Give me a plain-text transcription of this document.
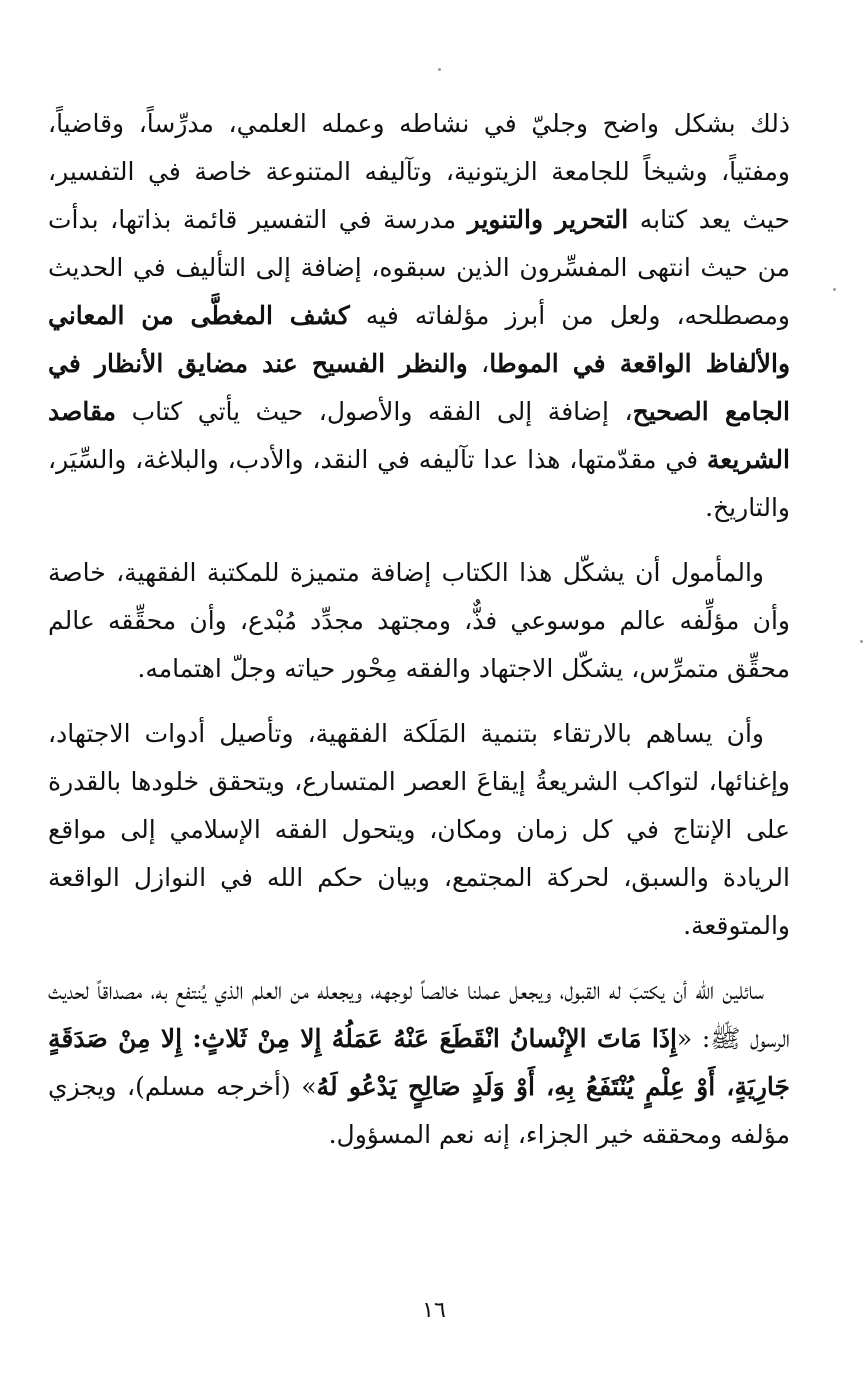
ذلك بشكل واضح وجليّ في نشاطه وعمله العلمي، مدرِّساً، وقاضياً، ومفتياً، وشيخاً للجامعة الزيتونية، وتآليفه المتنوعة خاصة في التفسير، حيث يعد كتابه التحرير والتنوير مدرسة في التفسير قائمة بذاتها، بدأت من حيث انتهى المفسِّرون الذين سبقوه، إضافة إلى التأليف في الحديث ومصطلحه، ولعل من أبرز مؤلفاته فيه كشف المغطَّى من المعاني والألفاظ الواقعة في الموطا، والنظر الفسيح عند مضايق الأنظار في الجامع الصحيح، إضافة إلى الفقه والأصول، حيث يأتي كتاب مقاصد الشريعة في مقدّمتها، هذا عدا تآليفه في النقد، والأدب، والبلاغة، والسِّيَر، والتاريخ.

والمأمول أن يشكّل هذا الكتاب إضافة متميزة للمكتبة الفقهية، خاصة وأن مؤلِّفه عالم موسوعي فذٌّ، ومجتهد مجدِّد مُبْدع، وأن محقِّقه عالم محقِّق متمرِّس، يشكّل الاجتهاد والفقه مِحْور حياته وجلّ اهتمامه.

وأن يساهم بالارتقاء بتنمية المَلَكة الفقهية، وتأصيل أدوات الاجتهاد، وإغنائها، لتواكب الشريعةُ إيقاعَ العصر المتسارع، ويتحقق خلودها بالقدرة على الإنتاج في كل زمان ومكان، ويتحول الفقه الإسلامي إلى مواقع الريادة والسبق، لحركة المجتمع، وبيان حكم الله في النوازل الواقعة والمتوقعة.

سائلين الله أن يكتبَ له القبول، ويجعل عملنا خالصاً لوجهه، ويجعله من العلم الذي يُنتفع به، مصداقاً لحديث الرسول ﷺ: «إِذَا مَاتَ الإِنْسانُ انْقَطَعَ عَنْهُ عَمَلُهُ إِلا مِنْ ثَلاثٍ: إِلا مِنْ صَدَقَةٍ جَارِيَةٍ، أَوْ عِلْمٍ يُنْتَفَعُ بِهِ، أَوْ وَلَدٍ صَالِحٍ يَدْعُو لَهُ» (أخرجه مسلم)، ويجزي مؤلفه ومحققه خير الجزاء، إنه نعم المسؤول.

١٦
